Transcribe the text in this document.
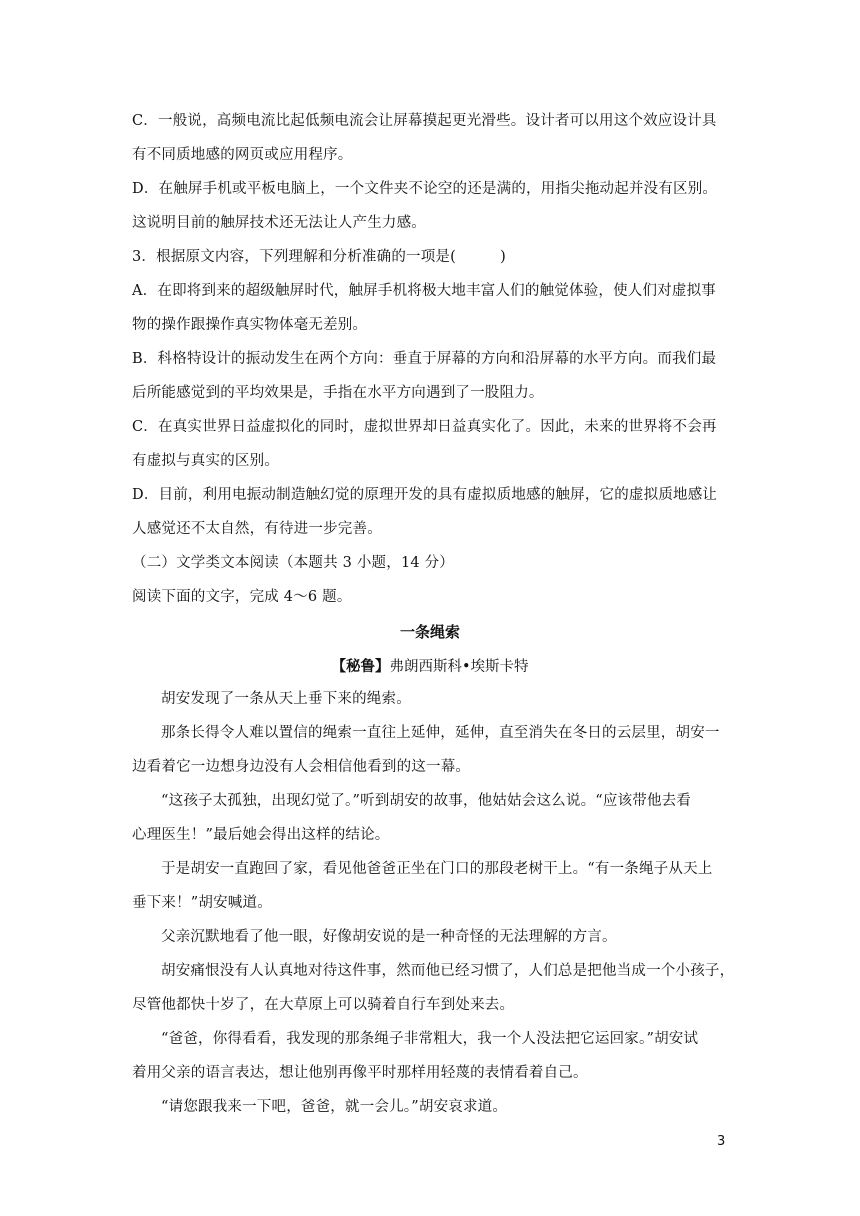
C．一般说，高频电流比起低频电流会让屏幕摸起更光滑些。设计者可以用这个效应设计具
有不同质地感的网页或应用程序。
D．在触屏手机或平板电脑上，一个文件夹不论空的还是满的，用指尖拖动起并没有区别。
这说明目前的触屏技术还无法让人产生力感。
3．根据原文内容，下列理解和分析准确的一项是(　　　)
A．在即将到来的超级触屏时代，触屏手机将极大地丰富人们的触觉体验，使人们对虚拟事
物的操作跟操作真实物体毫无差别。
B．科格特设计的振动发生在两个方向：垂直于屏幕的方向和沿屏幕的水平方向。而我们最
后所能感觉到的平均效果是，手指在水平方向遇到了一股阻力。
C．在真实世界日益虚拟化的同时，虚拟世界却日益真实化了。因此，未来的世界将不会再
有虚拟与真实的区别。
D．目前，利用电振动制造触幻觉的原理开发的具有虚拟质地感的触屏，它的虚拟质地感让
人感觉还不太自然，有待进一步完善。
（二）文学类文本阅读（本题共 3 小题，14 分）
阅读下面的文字，完成 4～6 题。
一条绳索
【秘鲁】弗朗西斯科•埃斯卡特
胡安发现了一条从天上垂下来的绳索。
那条长得令人难以置信的绳索一直往上延伸，延伸，直至消失在冬日的云层里，胡安一
边看着它一边想身边没有人会相信他看到的这一幕。
“这孩子太孤独，出现幻觉了。”听到胡安的故事，他姑姑会这么说。“应该带他去看
心理医生！”最后她会得出这样的结论。
于是胡安一直跑回了家，看见他爸爸正坐在门口的那段老树干上。“有一条绳子从天上
垂下来！”胡安喊道。
父亲沉默地看了他一眼，好像胡安说的是一种奇怪的无法理解的方言。
胡安痛恨没有人认真地对待这件事，然而他已经习惯了，人们总是把他当成一个小孩子，
尽管他都快十岁了，在大草原上可以骑着自行车到处来去。
“爸爸，你得看看，我发现的那条绳子非常粗大，我一个人没法把它运回家。”胡安试
着用父亲的语言表达，想让他别再像平时那样用轻蔑的表情看着自己。
“请您跟我来一下吧，爸爸，就一会儿。”胡安哀求道。
3
